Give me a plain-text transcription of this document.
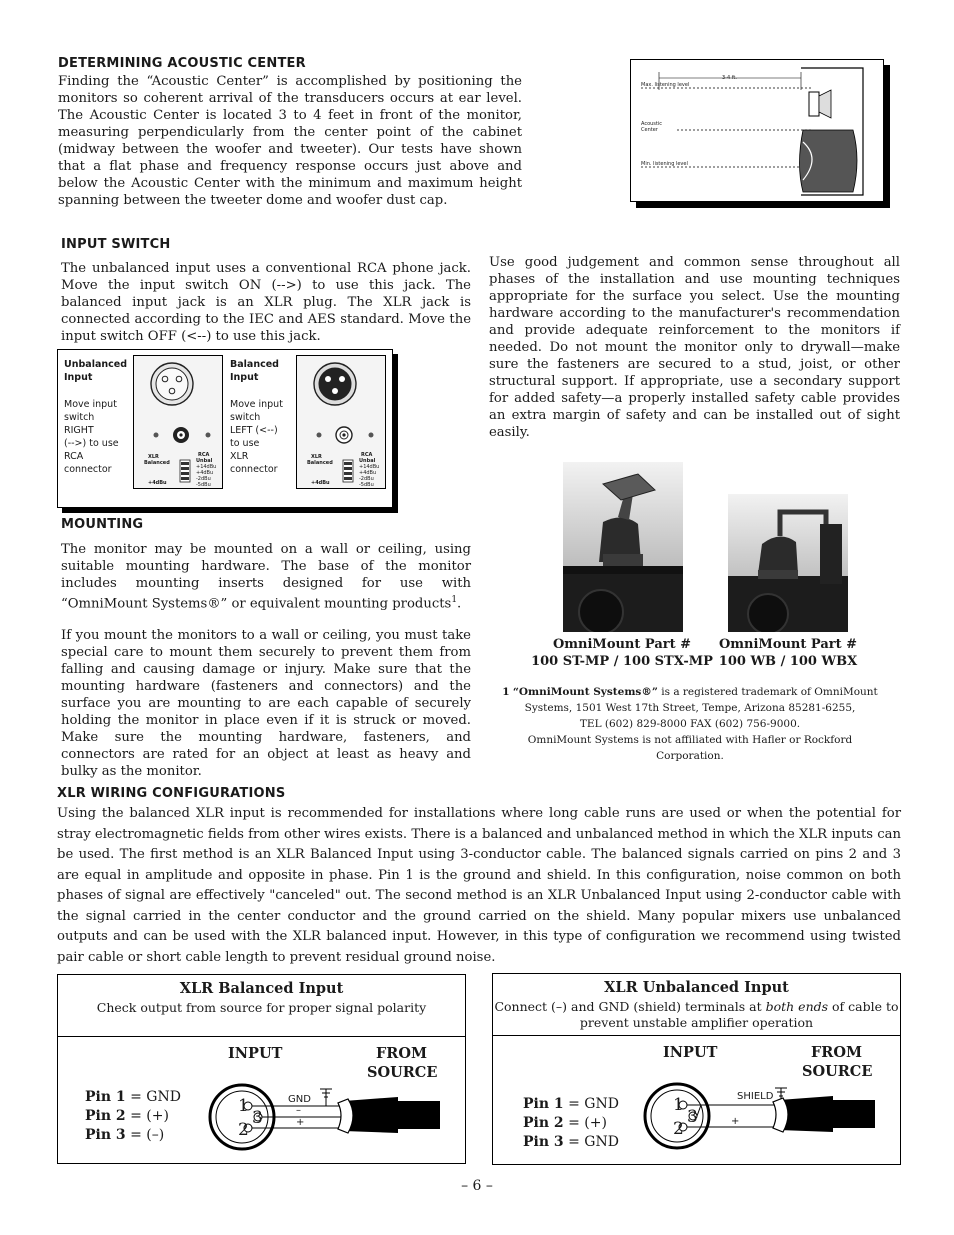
DETERMINING ACOUSTIC CENTER
Finding the “Acoustic Center” is accomplished by positioning the monitors so coherent arrival of the transducers occurs at ear level. The Acoustic Center is located 3 to 4 feet in front of the monitor, measuring perpendicularly from the center point of the cabinet (midway between the woofer and tweeter). Our tests have shown that a flat phase and frequency response occurs just above and below the Acoustic Center with the minimum and maximum height spanning between the tweeter dome and woofer dust cap.
3-4 ft.
Max. listening level
Acoustic
Center
Min. listening level
INPUT SWITCH
The unbalanced input uses a conventional RCA phone jack. Move the input switch ON (-->) to use this jack. The balanced input jack is an XLR plug. The XLR jack is connected according to the IEC and AES standard. Move the input switch OFF (<--) to use this jack.
Unbalanced
Input
Move input
switch
RIGHT
(-->) to use
RCA
connector
XLR
Balanced
RCA
Unbal
+14dBu
+4dBu
-2dBu
-5dBu
+4dBu
Balanced
Input
Move input
switch
LEFT (<--)
to use
XLR
connector
XLR
Balanced
RCA
Unbal
+14dBu
+4dBu
-2dBu
-5dBu
+4dBu
Use good judgement and common sense throughout all phases of the installation and use mounting techniques appropriate for the surface you select. Use the mounting hardware according to the manufacturer's recommendation and provide adequate reinforcement to the monitors if needed. Do not mount the monitor only to drywall—make sure the fasteners are secured to a stud, joist, or other structural support. If appropriate, use a secondary support for added safety—a properly installed safety cable provides an extra margin of safety and can be installed out of sight easily.
MOUNTING
The monitor may be mounted on a wall or ceiling, using suitable mounting hardware. The base of the monitor includes mounting inserts designed for use with “OmniMount Systems®” or equivalent mounting products$^1$.
If you mount the monitors to a wall or ceiling, you must take special care to mount them securely to prevent them from falling and causing damage or injury. Make sure that the mounting hardware (fasteners and connectors) and the surface you are mounting to are each capable of securely holding the monitor in place even if it is struck or moved. Make sure the mounting hardware, fasteners, and connectors are rated for an object at least as heavy and bulky as the monitor.
OmniMount Part #
100 ST-MP / 100 STX-MP
OmniMount Part #
100 WB / 100 WBX
1 “OmniMount Systems®” is a registered trademark of OmniMount
Systems, 1501 West 17th Street, Tempe, Arizona 85281-6255,
TEL (602) 829-8000 FAX (602) 756-9000.
OmniMount Systems is not affiliated with Hafler or Rockford Corporation.
XLR WIRING CONFIGURATIONS
Using the balanced XLR input is recommended for installations where long cable runs are used or when the potential for stray electromagnetic fields from other wires exists. There is a balanced and unbalanced method in which the XLR inputs can be used. The first method is an XLR Balanced Input using 3-conductor cable. The balanced signals carried on pins 2 and 3 are equal in amplitude and opposite in phase. Pin 1 is the ground and shield. In this configuration, noise common on both phases of signal are effectively "canceled" out. The second method is an XLR Unbalanced Input using 2-conductor cable with the signal carried in the center conductor and the ground carried on the shield. Many popular mixers use unbalanced outputs and can be used with the XLR balanced input. However, in this type of configuration we recommend using twisted pair cable or short cable length to prevent residual ground noise.
XLR Balanced Input
Check output from source for proper signal polarity
INPUT	FROM
SOURCE
Pin 1 = GND
Pin 2 = (+)
Pin 3 = (–)
1
3
2
GND
–
+
XLR Unbalanced Input
Connect (–) and GND (shield) terminals at both ends of cable to
prevent unstable amplifier operation
INPUT	FROM
SOURCE
Pin 1 = GND
Pin 2 = (+)
Pin 3 = GND
1
3
2
SHIELD
+
– 6 –
